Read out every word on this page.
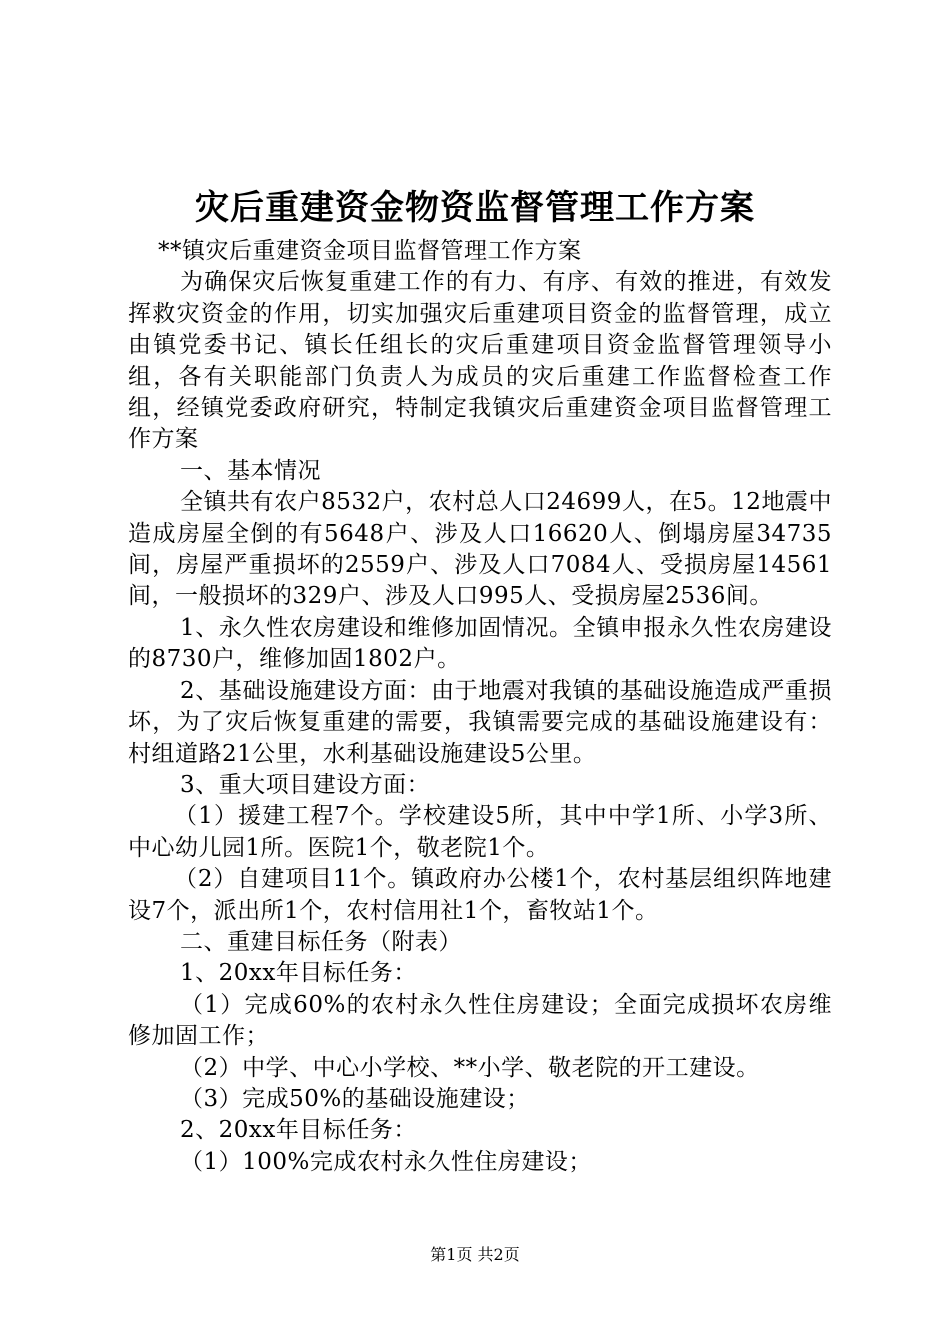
灾后重建资金物资监督管理工作方案

**镇灾后重建资金项目监督管理工作方案

为确保灾后恢复重建工作的有力、有序、有效的推进，有效发挥救灾资金的作用，切实加强灾后重建项目资金的监督管理，成立由镇党委书记、镇长任组长的灾后重建项目资金监督管理领导小组，各有关职能部门负责人为成员的灾后重建工作监督检查工作组，经镇党委政府研究，特制定我镇灾后重建资金项目监督管理工作方案

一、基本情况

全镇共有农户8532户，农村总人口24699人，在5。12地震中造成房屋全倒的有5648户、涉及人口16620人、倒塌房屋34735间，房屋严重损坏的2559户、涉及人口7084人、受损房屋14561间，一般损坏的329户、涉及人口995人、受损房屋2536间。

1、永久性农房建设和维修加固情况。全镇申报永久性农房建设的8730户，维修加固1802户。

2、基础设施建设方面：由于地震对我镇的基础设施造成严重损坏，为了灾后恢复重建的需要，我镇需要完成的基础设施建设有：村组道路21公里，水利基础设施建设5公里。

3、重大项目建设方面：

（1）援建工程7个。学校建设5所，其中中学1所、小学3所、中心幼儿园1所。医院1个，敬老院1个。

（2）自建项目11个。镇政府办公楼1个，农村基层组织阵地建设7个，派出所1个，农村信用社1个，畜牧站1个。

二、重建目标任务（附表）

1、20xx年目标任务：

（1）完成60%的农村永久性住房建设；全面完成损坏农房维修加固工作；

（2）中学、中心小学校、**小学、敬老院的开工建设。

（3）完成50%的基础设施建设；

2、20xx年目标任务：

（1）100%完成农村永久性住房建设；

第1页 共2页
